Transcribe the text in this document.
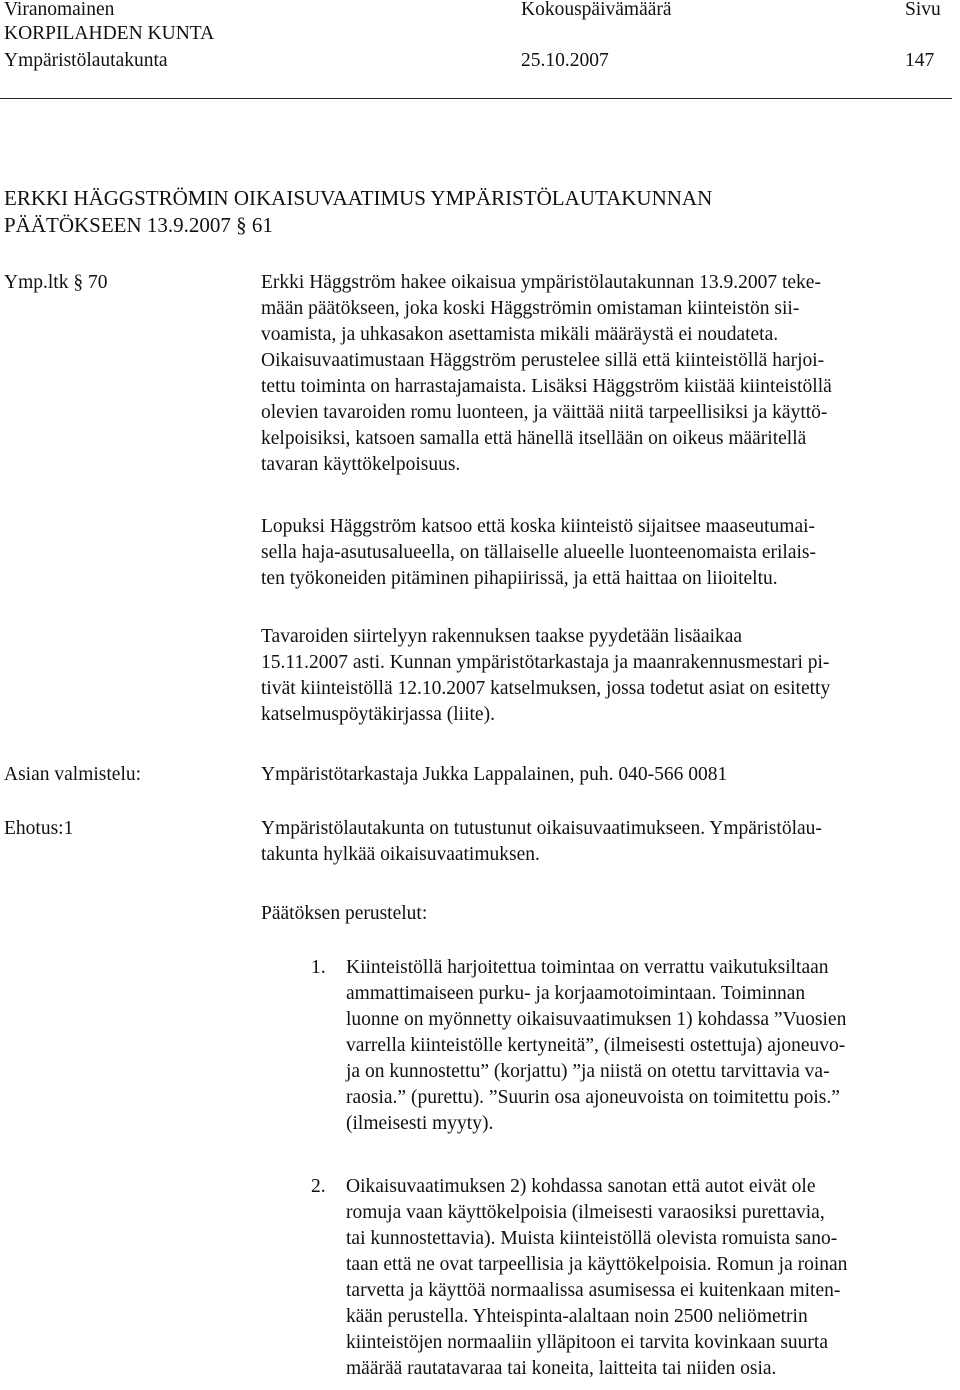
Viranomainen	Kokouspäivämäärä	Sivu
KORPILAHDEN KUNTA
Ympäristölautakunta	25.10.2007	147
ERKKI HÄGGSTRÖMIN OIKAISUVAATIMUS YMPÄRISTÖLAUTAKUNNAN
PÄÄTÖKSEEN 13.9.2007 § 61
Ymp.ltk § 70	Erkki Häggström hakee oikaisua ympäristölautakunnan 13.9.2007 teke-
mään päätökseen, joka koski Häggströmin omistaman kiinteistön sii-
voamista, ja uhkasakon asettamista mikäli määräystä ei noudateta.
Oikaisuvaatimustaan Häggström perustelee sillä että kiinteistöllä harjoi-
tettu toiminta on harrastajamaista. Lisäksi Häggström kiistää kiinteistöllä
olevien tavaroiden romu luonteen, ja väittää niitä tarpeellisiksi ja käyttö-
kelpoisiksi, katsoen samalla että hänellä itsellään on oikeus määritellä
tavaran käyttökelpoisuus.
Lopuksi Häggström katsoo että koska kiinteistö sijaitsee maaseutumai-
sella haja-asutusalueella, on tällaiselle alueelle luonteenomaista erilais-
ten työkoneiden pitäminen pihapiirissä, ja että haittaa on liioiteltu.
Tavaroiden siirtelyyn rakennuksen taakse pyydetään lisäaikaa
15.11.2007 asti. Kunnan ympäristötarkastaja ja maanrakennusmestari pi-
tivät kiinteistöllä 12.10.2007 katselmuksen, jossa todetut asiat on esitetty
katselmuspöytäkirjassa (liite).
Asian valmistelu:	Ympäristötarkastaja Jukka Lappalainen, puh. 040-566 0081
Ehotus:1	Ympäristölautakunta on tutustunut oikaisuvaatimukseen. Ympäristölau-
takunta hylkää oikaisuvaatimuksen.
Päätöksen perustelut:
1. Kiinteistöllä harjoitettua toimintaa on verrattu vaikutuksiltaan
ammattimaiseen purku- ja korjaamotoimintaan. Toiminnan
luonne on myönnetty oikaisuvaatimuksen 1) kohdassa ”Vuosien
varrella kiinteistölle kertyneitä”, (ilmeisesti ostettuja) ajoneuvo-
ja on kunnostettu” (korjattu) ”ja niistä on otettu tarvittavia va-
raosia.” (purettu). ”Suurin osa ajoneuvoista on toimitettu pois.”
(ilmeisesti myyty).
2. Oikaisuvaatimuksen 2) kohdassa sanotan että autot eivät ole
romuja vaan käyttökelpoisia (ilmeisesti varaosiksi purettavia,
tai kunnostettavia). Muista kiinteistöllä olevista romuista sano-
taan että ne ovat tarpeellisia ja käyttökelpoisia. Romun ja roinan
tarvetta ja käyttöä normaalissa asumisessa ei kuitenkaan miten-
kään perustella. Yhteispinta-alaltaan noin 2500 neliömetrin
kiinteistöjen normaaliin ylläpitoon ei tarvita kovinkaan suurta
määrää rautatavaraa tai koneita, laitteita tai niiden osia.
